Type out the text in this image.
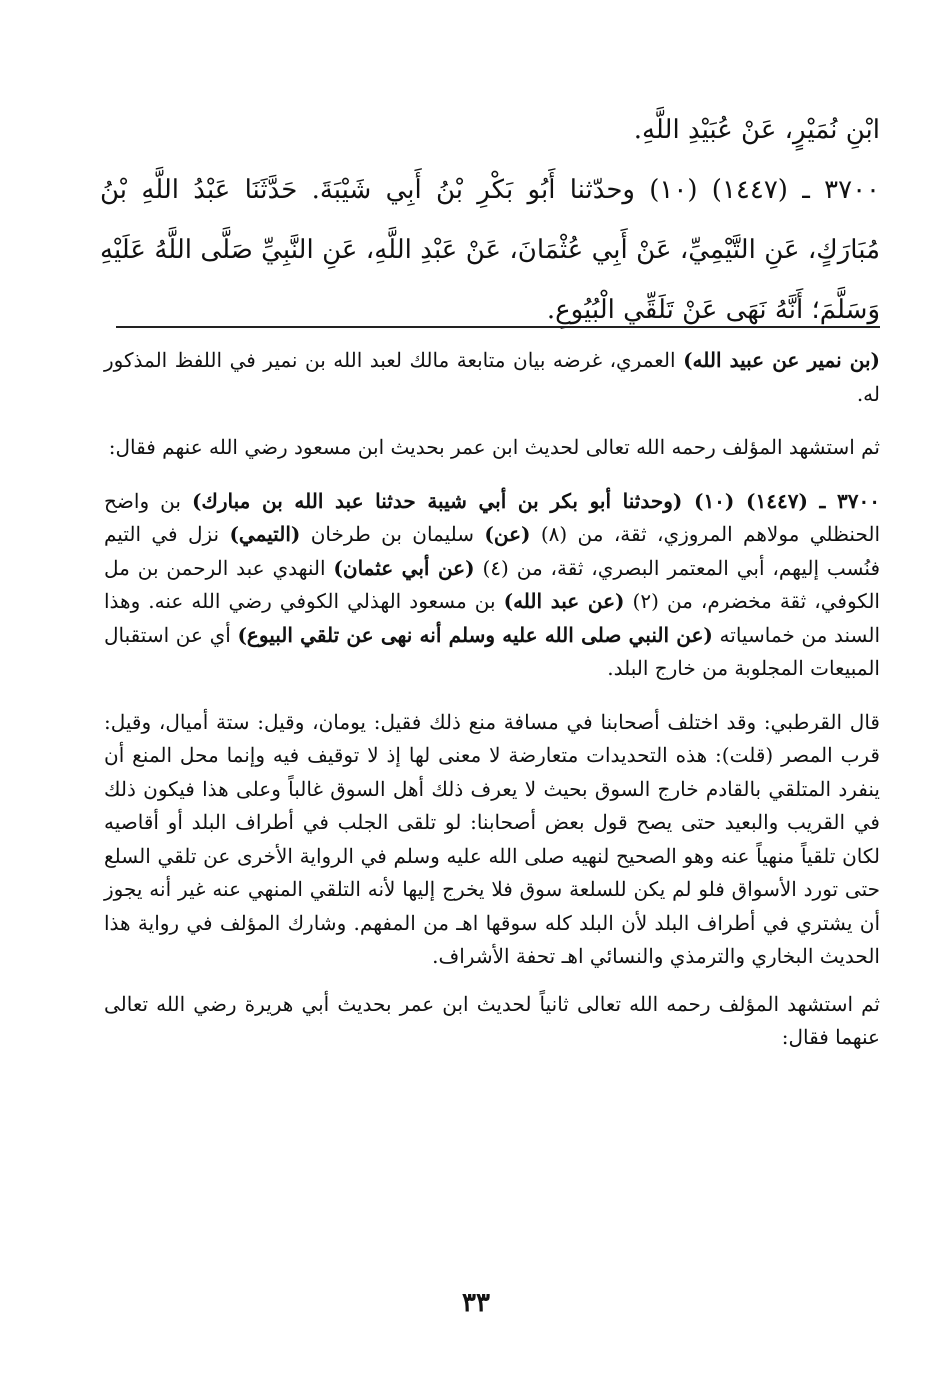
ابْنِ نُمَيْرٍ، عَنْ عُبَيْدِ اللَّهِ.

٣٧٠٠ ـ (١٤٤٧) (١٠) وحدّثنا أَبُو بَكْرِ بْنُ أَبِي شَيْبَةَ. حَدَّثَنَا عَبْدُ اللَّهِ بْنُ مُبَارَكٍ، عَنِ التَّيْمِيِّ، عَنْ أَبِي عُثْمَانَ، عَنْ عَبْدِ اللَّهِ، عَنِ النَّبِيِّ صَلَّى اللَّهُ عَلَيْهِ وَسَلَّمَ؛ أَنَّهُ نَهَى عَنْ تَلَقِّي الْبُيُوعِ.

(بن نمير عن عبيد الله) العمري، غرضه بيان متابعة مالك لعبد الله بن نمير في اللفظ المذكور له.

ثم استشهد المؤلف رحمه الله تعالى لحديث ابن عمر بحديث ابن مسعود رضي الله عنهم فقال:

٣٧٠٠ ـ (١٤٤٧) (١٠) (وحدثنا أبو بكر بن أبي شيبة حدثنا عبد الله بن مبارك) بن واضح الحنظلي مولاهم المروزي، ثقة، من (٨) (عن) سليمان بن طرخان (التيمي) نزل في التيم فنُسب إليهم، أبي المعتمر البصري، ثقة، من (٤) (عن أبي عثمان) النهدي عبد الرحمن بن مل الكوفي، ثقة مخضرم، من (٢) (عن عبد الله) بن مسعود الهذلي الكوفي رضي الله عنه. وهذا السند من خماسياته (عن النبي صلى الله عليه وسلم أنه نهى عن تلقي البيوع) أي عن استقبال المبيعات المجلوبة من خارج البلد.

قال القرطبي: وقد اختلف أصحابنا في مسافة منع ذلك فقيل: يومان، وقيل: ستة أميال، وقيل: قرب المصر (قلت): هذه التحديدات متعارضة لا معنى لها إذ لا توقيف فيه وإنما محل المنع أن ينفرد المتلقي بالقادم خارج السوق بحيث لا يعرف ذلك أهل السوق غالباً وعلى هذا فيكون ذلك في القريب والبعيد حتى يصح قول بعض أصحابنا: لو تلقى الجلب في أطراف البلد أو أقاصيه لكان تلقياً منهياً عنه وهو الصحيح لنهيه صلى الله عليه وسلم في الرواية الأخرى عن تلقي السلع حتى تورد الأسواق فلو لم يكن للسلعة سوق فلا يخرج إليها لأنه التلقي المنهي عنه غير أنه يجوز أن يشتري في أطراف البلد لأن البلد كله سوقها اهـ من المفهم. وشارك المؤلف في رواية هذا الحديث البخاري والترمذي والنسائي اهـ تحفة الأشراف.

ثم استشهد المؤلف رحمه الله تعالى ثانياً لحديث ابن عمر بحديث أبي هريرة رضي الله تعالى عنهما فقال:

٣٣
